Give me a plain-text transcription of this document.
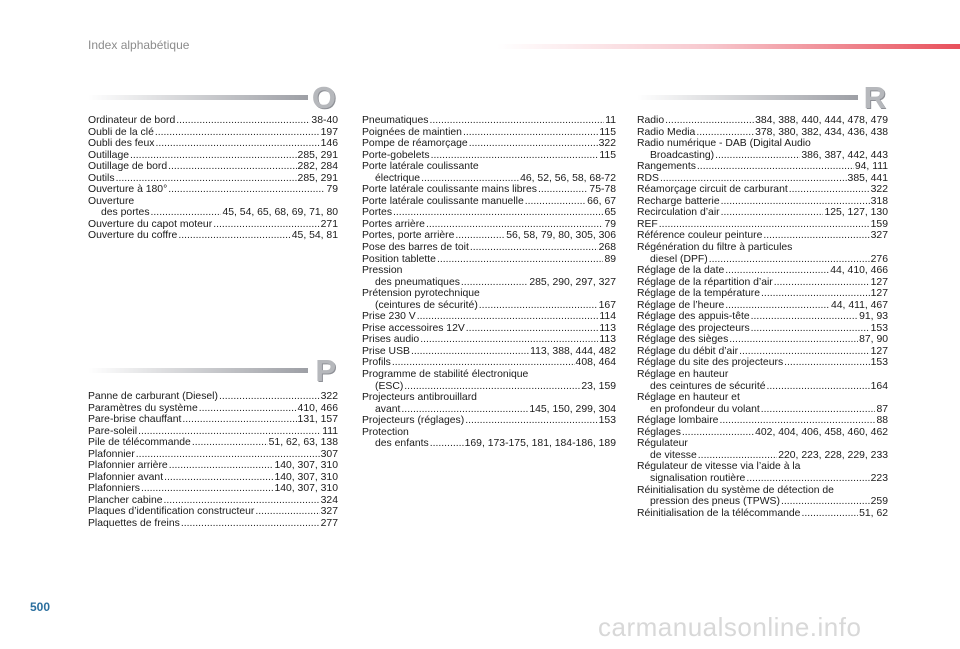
Index alphabétique
O
P
R
Ordinateur de bord .....	38-40
Oubli de la clé .....	197
Oubli des feux .....	146
Outillage .....	285, 291
Outillage de bord .....	282, 284
Outils .....	285, 291
Ouverture à 180° .....	79
Ouverture
des portes .....	45, 54, 65, 68, 69, 71, 80
Ouverture du capot moteur .....	271
Ouverture du coffre .....	45, 54, 81
Panne de carburant (Diesel) .....	322
Paramètres du système .....	410, 466
Pare-brise chauffant .....	131, 157
Pare-soleil .....	111
Pile de télécommande .....	51, 62, 63, 138
Plafonnier .....	307
Plafonnier arrière .....	140, 307, 310
Plafonnier avant .....	140, 307, 310
Plafonniers .....	140, 307, 310
Plancher cabine .....	324
Plaques d’identification constructeur .....	327
Plaquettes de freins .....	277
Pneumatiques .....	11
Poignées de maintien .....	115
Pompe de réamorçage .....	322
Porte-gobelets .....	115
Porte latérale coulissante
électrique .....	46, 52, 56, 58, 68-72
Porte latérale coulissante mains libres .....	75-78
Porte latérale coulissante manuelle .....	66, 67
Portes .....	65
Portes arrière .....	79
Portes, porte arrière .....	56, 58, 79, 80, 305, 306
Pose des barres de toit .....	268
Position tablette .....	89
Pression
des pneumatiques .....	285, 290, 297, 327
Prétension pyrotechnique
(ceintures de sécurité) .....	167
Prise 230 V .....	114
Prise accessoires 12V .....	113
Prises audio .....	113
Prise USB .....	113, 388, 444, 482
Profils .....	408, 464
Programme de stabilité électronique
(ESC) .....	23, 159
Projecteurs antibrouillard
avant .....	145, 150, 299, 304
Projecteurs (réglages) .....	153
Protection
des enfants .....	169, 173-175, 181, 184-186, 189
Radio .....	384, 388, 440, 444, 478, 479
Radio Media .....	378, 380, 382, 434, 436, 438
Radio numérique - DAB (Digital Audio
Broadcasting) .....	386, 387, 442, 443
Rangements .....	94, 111
RDS .....	385, 441
Réamorçage circuit de carburant .....	322
Recharge batterie .....	318
Recirculation d’air .....	125, 127, 130
REF .....	159
Référence couleur peinture .....	327
Régénération du filtre à particules
diesel (DPF) .....	276
Réglage de la date .....	44, 410, 466
Réglage de la répartition d’air .....	127
Réglage de la température .....	127
Réglage de l’heure .....	44, 411, 467
Réglage des appuis-tête .....	91, 93
Réglage des projecteurs .....	153
Réglage des sièges .....	87, 90
Réglage du débit d’air .....	127
Réglage du site des projecteurs .....	153
Réglage en hauteur
des ceintures de sécurité .....	164
Réglage en hauteur et
en profondeur du volant .....	87
Réglage lombaire .....	88
Réglages .....	402, 404, 406, 458, 460, 462
Régulateur
de vitesse .....	220, 223, 228, 229, 233
Régulateur de vitesse via l’aide à la
signalisation routière .....	223
Réinitialisation du système de détection de
pression des pneus (TPWS) .....	259
Réinitialisation de la télécommande .....	51, 62
500
carmanualsonline.info
